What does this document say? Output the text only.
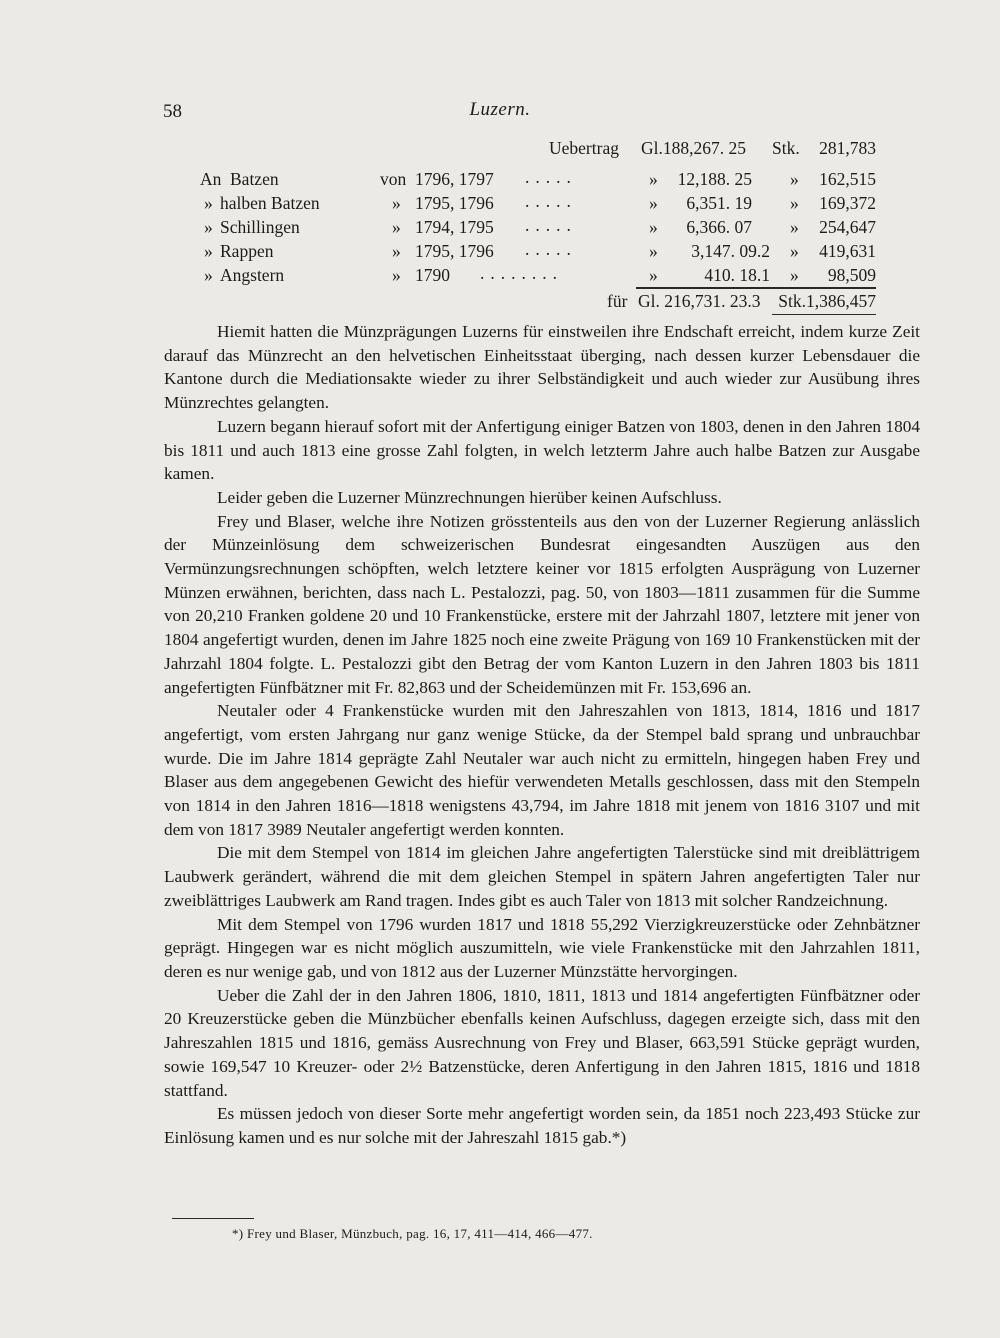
58	Luzern.
Uebertrag Gl.188,267. 25 Stk.	281,783
An Batzen	von 1796, 1797 .....	»	12,188. 25 »	162,515
» halben Batzen	» 1795, 1796 .....	»	6,351. 19 »	169,372
» Schillingen	» 1794, 1795 .....	»	6,366. 07 »	254,647
» Rappen	» 1795, 1796 .....	»	3,147. 09.2 »	419,631
» Angstern	» 1790 ........	»	410. 18.1 »	98,509
für Gl. 216,731. 23.3	Stk.1,386,457

Hiemit hatten die Münzprägungen Luzerns für einstweilen ihre Endschaft erreicht, indem kurze Zeit darauf das Münzrecht an den helvetischen Einheitsstaat überging, nach dessen kurzer Lebensdauer die Kantone durch die Mediationsakte wieder zu ihrer Selbständigkeit und auch wieder zur Ausübung ihres Münzrechtes gelangten.

Luzern begann hierauf sofort mit der Anfertigung einiger Batzen von 1803, denen in den Jahren 1804 bis 1811 und auch 1813 eine grosse Zahl folgten, in welch letzterm Jahre auch halbe Batzen zur Ausgabe kamen.

Leider geben die Luzerner Münzrechnungen hierüber keinen Aufschluss.

Frey und Blaser, welche ihre Notizen grösstenteils aus den von der Luzerner Regierung anlässlich der Münzeinlösung dem schweizerischen Bundesrat eingesandten Auszügen aus den Vermünzungsrechnungen schöpften, welch letztere keiner vor 1815 erfolgten Ausprägung von Luzerner Münzen erwähnen, berichten, dass nach L. Pestalozzi, pag. 50, von 1803—1811 zusammen für die Summe von 20,210 Franken goldene 20 und 10 Frankenstücke, erstere mit der Jahrzahl 1807, letztere mit jener von 1804 angefertigt wurden, denen im Jahre 1825 noch eine zweite Prägung von 169 10 Frankenstücken mit der Jahrzahl 1804 folgte. L. Pestalozzi gibt den Betrag der vom Kanton Luzern in den Jahren 1803 bis 1811 angefertigten Fünfbätzner mit Fr. 82,863 und der Scheidemünzen mit Fr. 153,696 an.

Neutaler oder 4 Frankenstücke wurden mit den Jahreszahlen von 1813, 1814, 1816 und 1817 angefertigt, vom ersten Jahrgang nur ganz wenige Stücke, da der Stempel bald sprang und unbrauchbar wurde. Die im Jahre 1814 geprägte Zahl Neutaler war auch nicht zu ermitteln, hingegen haben Frey und Blaser aus dem angegebenen Gewicht des hiefür verwendeten Metalls geschlossen, dass mit den Stempeln von 1814 in den Jahren 1816—1818 wenigstens 43,794, im Jahre 1818 mit jenem von 1816 3107 und mit dem von 1817 3989 Neutaler angefertigt werden konnten.

Die mit dem Stempel von 1814 im gleichen Jahre angefertigten Talerstücke sind mit dreiblättrigem Laubwerk gerändert, während die mit dem gleichen Stempel in spätern Jahren angefertigten Taler nur zweiblättriges Laubwerk am Rand tragen. Indes gibt es auch Taler von 1813 mit solcher Randzeichnung.

Mit dem Stempel von 1796 wurden 1817 und 1818 55,292 Vierzigkreuzerstücke oder Zehnbätzner geprägt. Hingegen war es nicht möglich auszumitteln, wie viele Frankenstücke mit den Jahrzahlen 1811, deren es nur wenige gab, und von 1812 aus der Luzerner Münzstätte hervorgingen.

Ueber die Zahl der in den Jahren 1806, 1810, 1811, 1813 und 1814 angefertigten Fünfbätzner oder 20 Kreuzerstücke geben die Münzbücher ebenfalls keinen Aufschluss, dagegen erzeigte sich, dass mit den Jahreszahlen 1815 und 1816, gemäss Ausrechnung von Frey und Blaser, 663,591 Stücke geprägt wurden, sowie 169,547 10 Kreuzer- oder 2½ Batzenstücke, deren Anfertigung in den Jahren 1815, 1816 und 1818 stattfand.

Es müssen jedoch von dieser Sorte mehr angefertigt worden sein, da 1851 noch 223,493 Stücke zur Einlösung kamen und es nur solche mit der Jahreszahl 1815 gab.*)

*) Frey und Blaser, Münzbuch, pag. 16, 17, 411—414, 466—477.
